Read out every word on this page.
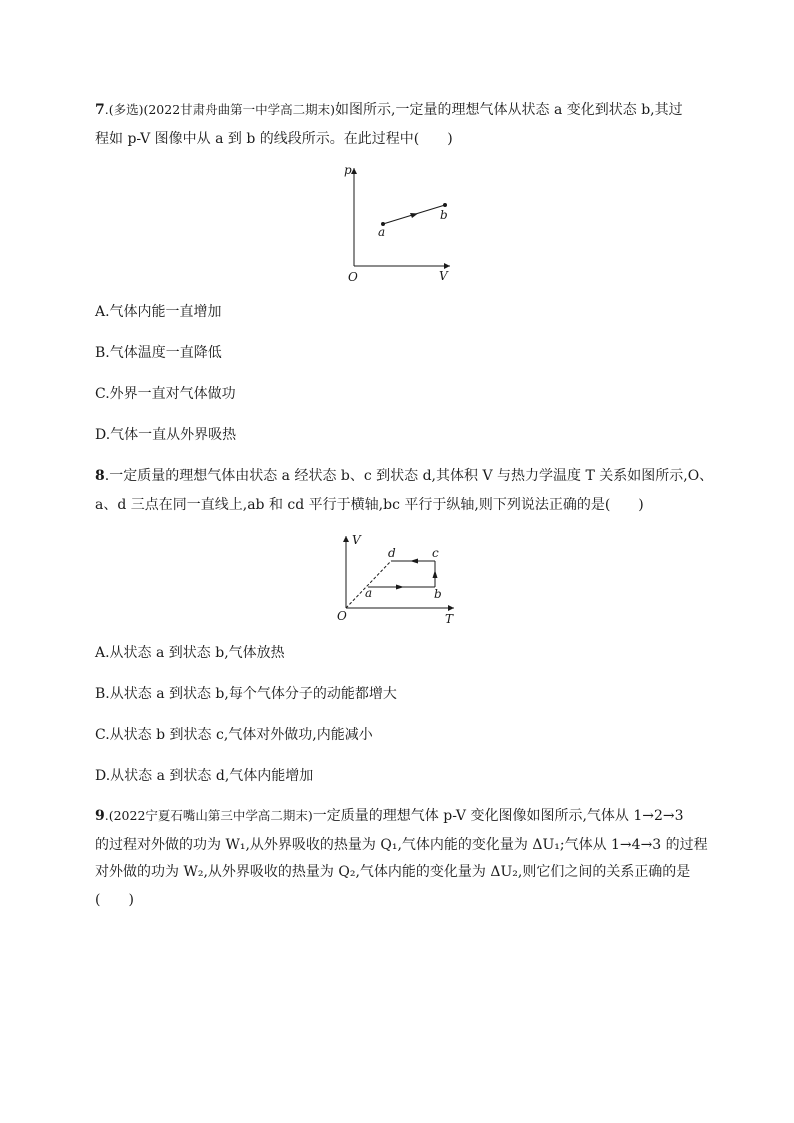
7.(多选)(2022甘肃舟曲第一中学高二期末)如图所示,一定量的理想气体从状态 a 变化到状态 b,其过
程如 p-V 图像中从 a 到 b 的线段所示。在此过程中(　　)
p
V
O
a
b
A.气体内能一直增加
B.气体温度一直降低
C.外界一直对气体做功
D.气体一直从外界吸热
8.一定质量的理想气体由状态 a 经状态 b、c 到状态 d,其体积 V 与热力学温度 T 关系如图所示,O、
a、d 三点在同一直线上,ab 和 cd 平行于横轴,bc 平行于纵轴,则下列说法正确的是(　　)
V
T
O
a	b
c
d
A.从状态 a 到状态 b,气体放热
B.从状态 a 到状态 b,每个气体分子的动能都增大
C.从状态 b 到状态 c,气体对外做功,内能减小
D.从状态 a 到状态 d,气体内能增加
9.(2022宁夏石嘴山第三中学高二期末)一定质量的理想气体 p-V 变化图像如图所示,气体从 1→2→3
的过程对外做的功为 W₁,从外界吸收的热量为 Q₁,气体内能的变化量为 ΔU₁;气体从 1→4→3 的过程
对外做的功为 W₂,从外界吸收的热量为 Q₂,气体内能的变化量为 ΔU₂,则它们之间的关系正确的是
(　　)
